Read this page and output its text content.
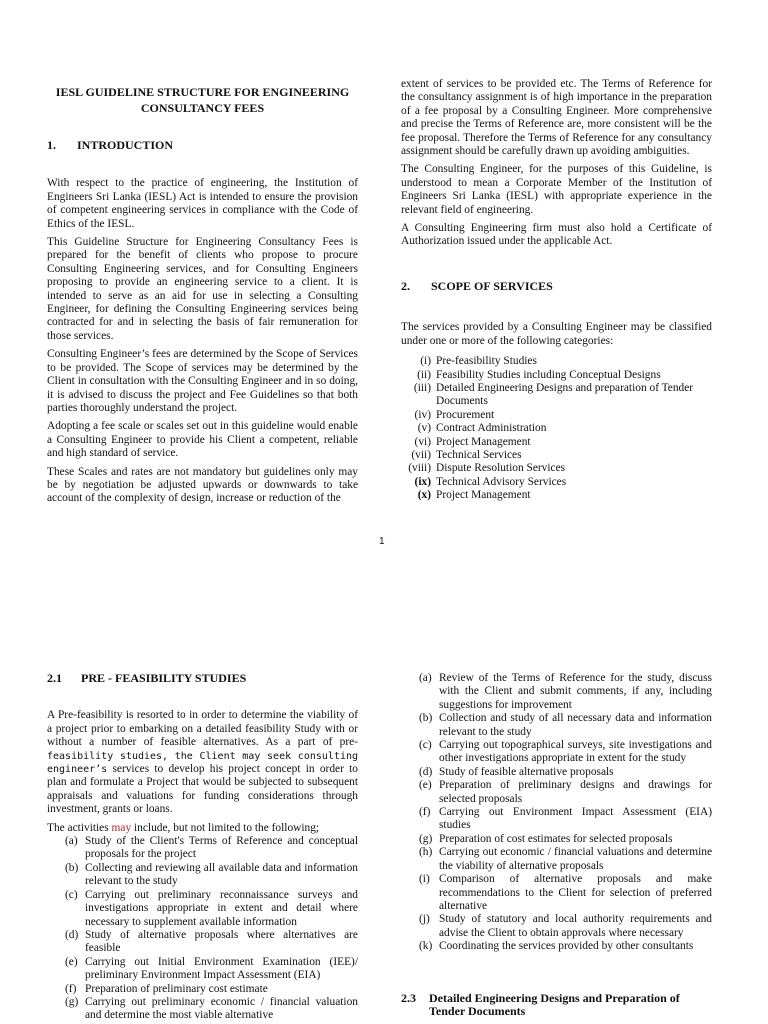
IESL GUIDELINE STRUCTURE FOR ENGINEERING
CONSULTANCY FEES
1. INTRODUCTION

With respect to the practice of engineering, the Institution of Engineers Sri Lanka (IESL) Act is intended to ensure the provision of competent engineering services in compliance with the Code of Ethics of the IESL.

This Guideline Structure for Engineering Consultancy Fees is prepared for the benefit of clients who propose to procure Consulting Engineering services, and for Consulting Engineers proposing to provide an engineering service to a client. It is intended to serve as an aid for use in selecting a Consulting Engineer, for defining the Consulting Engineering services being contracted for and in selecting the basis of fair remuneration for those services.

Consulting Engineer’s fees are determined by the Scope of Services to be provided. The Scope of services may be determined by the Client in consultation with the Consulting Engineer and in so doing, it is advised to discuss the project and Fee Guidelines so that both parties thoroughly understand the project.

Adopting a fee scale or scales set out in this guideline would enable a Consulting Engineer to provide his Client a competent, reliable and high standard of service.

These Scales and rates are not mandatory but guidelines only may be by negotiation be adjusted upwards or downwards to take account of the complexity of design, increase or reduction of the

extent of services to be provided etc. The Terms of Reference for the consultancy assignment is of high importance in the preparation of a fee proposal by a Consulting Engineer. More comprehensive and precise the Terms of Reference are, more consistent will be the fee proposal. Therefore the Terms of Reference for any consultancy assignment should be carefully drawn up avoiding ambiguities.

The Consulting Engineer, for the purposes of this Guideline, is understood to mean a Corporate Member of the Institution of Engineers Sri Lanka (IESL) with appropriate experience in the relevant field of engineering.

A Consulting Engineering firm must also hold a Certificate of Authorization issued under the applicable Act.

2. SCOPE OF SERVICES

The services provided by a Consulting Engineer may be classified under one or more of the following categories:

(i) Pre-feasibility Studies
(ii) Feasibility Studies including Conceptual Designs
(iii) Detailed Engineering Designs and preparation of Tender Documents
(iv) Procurement
(v) Contract Administration
(vi) Project Management
(vii) Technical Services
(viii) Dispute Resolution Services
(ix) Technical Advisory Services
(x) Project Management
1
2.1 PRE - FEASIBILITY STUDIES

A Pre-feasibility is resorted to in order to determine the viability of a project prior to embarking on a detailed feasibility Study with or without a number of feasible alternatives. As a part of pre- feasibility studies, the Client may seek consulting engineer’s services to develop his project concept in order to plan and formulate a Project that would be subjected to subsequent appraisals and valuations for funding considerations through investment, grants or loans.

The activities may include, but not limited to the following;

(a) Study of the Client's Terms of Reference and conceptual proposals for the project
(b) Collecting and reviewing all available data and information relevant to the study
(c) Carrying out preliminary reconnaissance surveys and investigations appropriate in extent and detail where necessary to supplement available information
(d) Study of alternative proposals where alternatives are feasible
(e) Carrying out Initial Environment Examination (IEE)/ preliminary Environment Impact Assessment (EIA)
(f) Preparation of preliminary cost estimate
(g) Carrying out preliminary economic / financial valuation and determine the most viable alternative
(a) Review of the Terms of Reference for the study, discuss with the Client and submit comments, if any, including suggestions for improvement
(b) Collection and study of all necessary data and information relevant to the study
(c) Carrying out topographical surveys, site investigations and other investigations appropriate in extent for the study
(d) Study of feasible alternative proposals
(e) Preparation of preliminary designs and drawings for selected proposals
(f) Carrying out Environment Impact Assessment (EIA) studies
(g) Preparation of cost estimates for selected proposals
(h) Carrying out economic / financial valuations and determine the viability of alternative proposals
(i) Comparison of alternative proposals and make recommendations to the Client for selection of preferred alternative
(j) Study of statutory and local authority requirements and advise the Client to obtain approvals where necessary
(k) Coordinating the services provided by other consultants
2.3	Detailed Engineering Designs and Preparation of
Tender Documents
